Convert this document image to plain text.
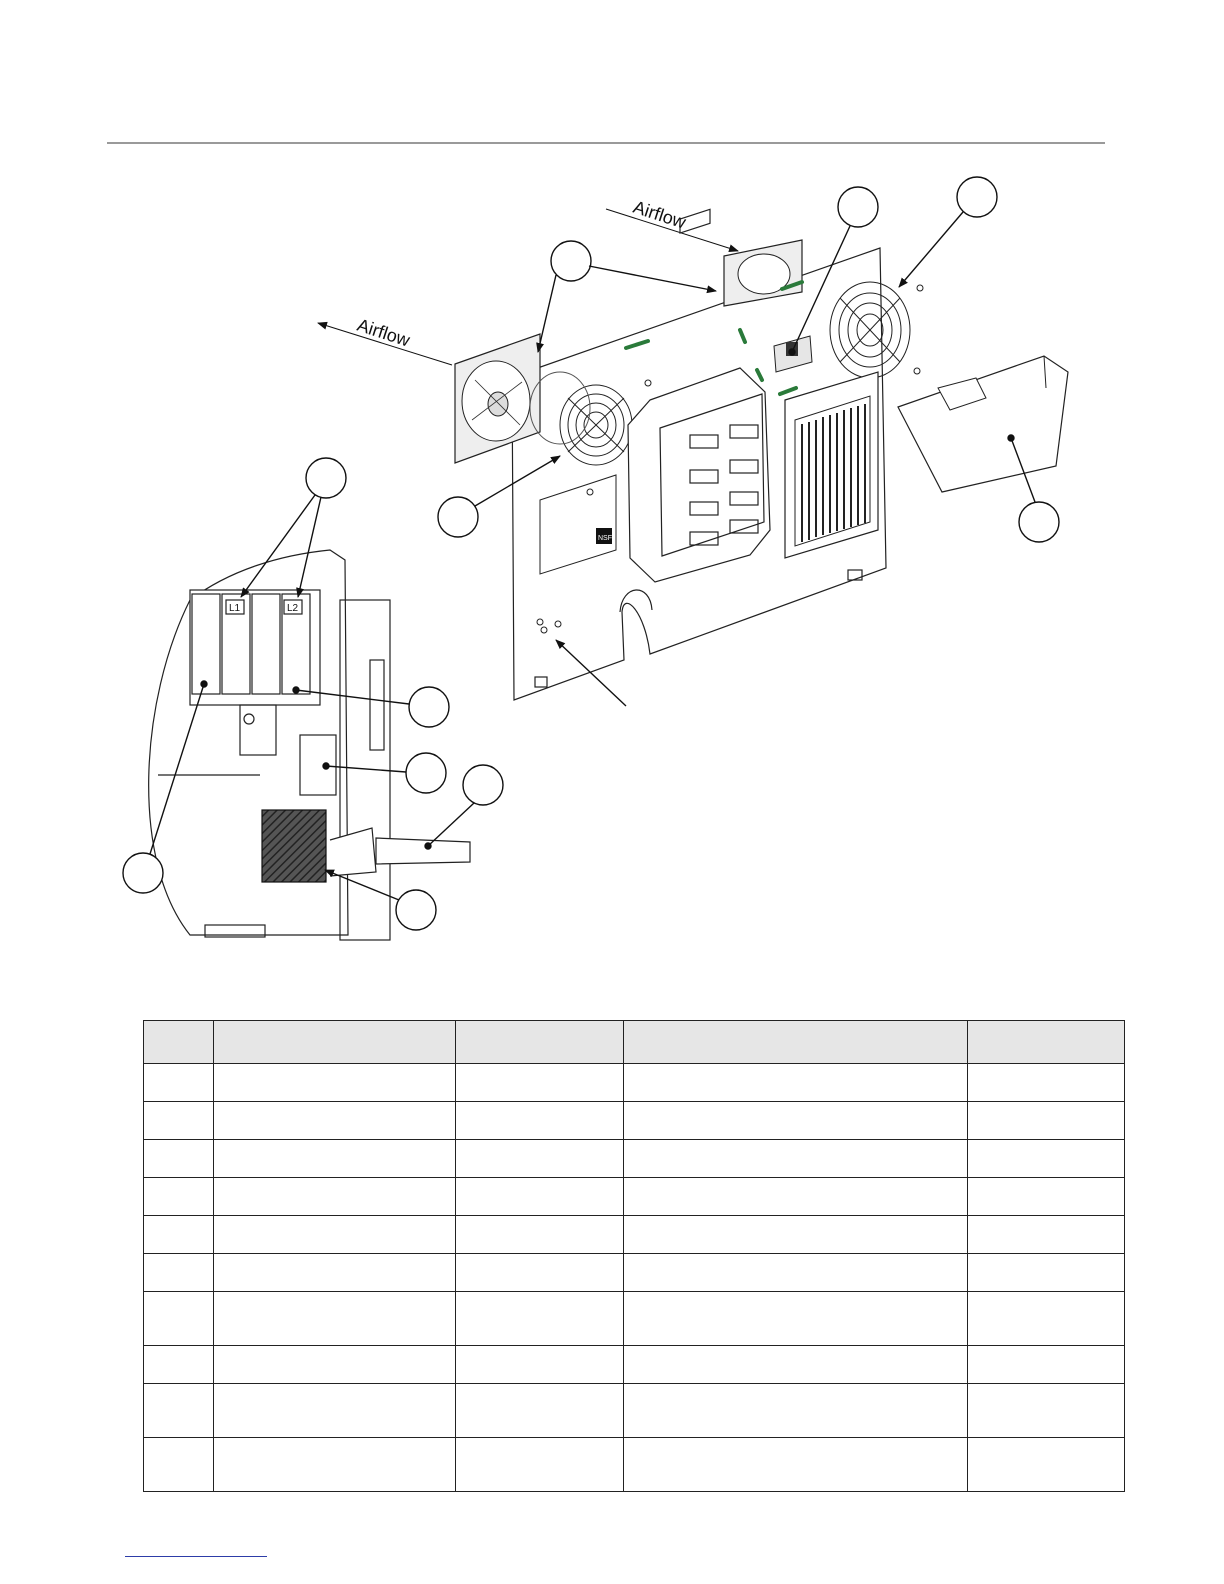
Airflow
Airflow
NSF
L1	L2
